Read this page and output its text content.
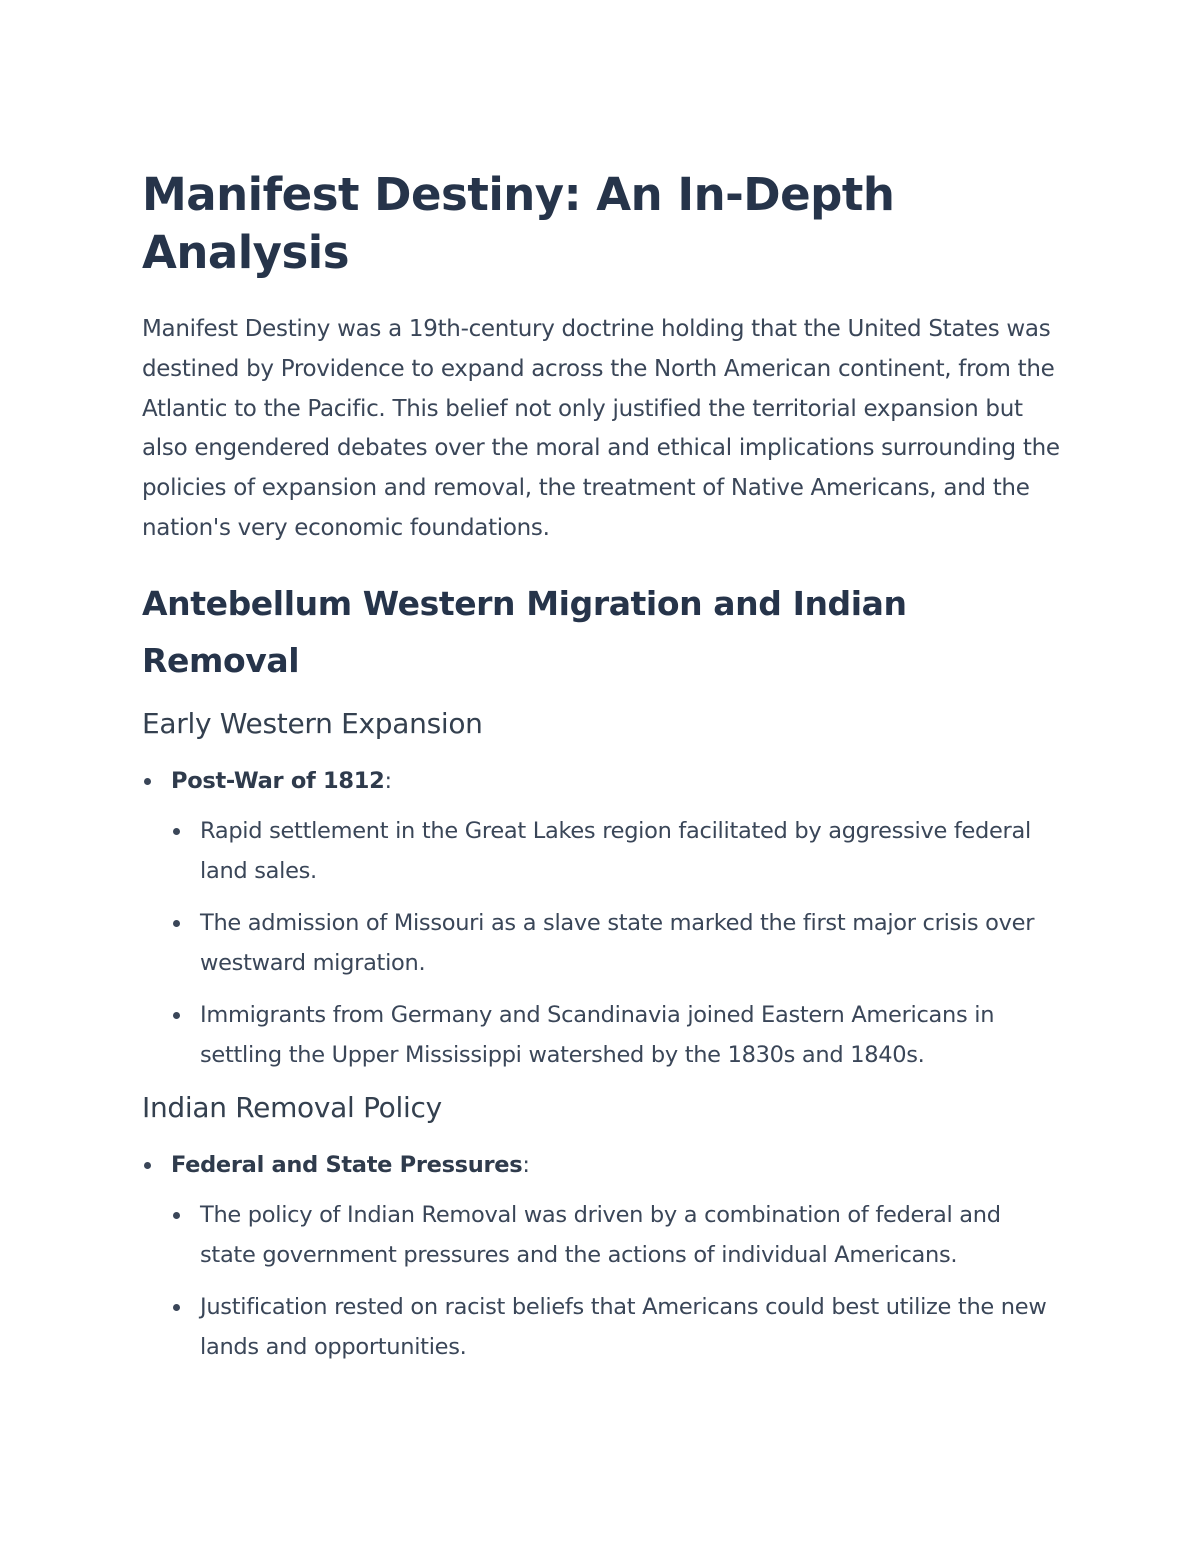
Manifest Destiny: An In-Depth Analysis

Manifest Destiny was a 19th-century doctrine holding that the United States was destined by Providence to expand across the North American continent, from the Atlantic to the Pacific. This belief not only justified the territorial expansion but also engendered debates over the moral and ethical implications surrounding the policies of expansion and removal, the treatment of Native Americans, and the nation's very economic foundations.

Antebellum Western Migration and Indian Removal
Early Western Expansion
Post-War of 1812:
Rapid settlement in the Great Lakes region facilitated by aggressive federal land sales.
The admission of Missouri as a slave state marked the first major crisis over westward migration.
Immigrants from Germany and Scandinavia joined Eastern Americans in settling the Upper Mississippi watershed by the 1830s and 1840s.
Indian Removal Policy
Federal and State Pressures:
The policy of Indian Removal was driven by a combination of federal and state government pressures and the actions of individual Americans.
Justification rested on racist beliefs that Americans could best utilize the new lands and opportunities.
